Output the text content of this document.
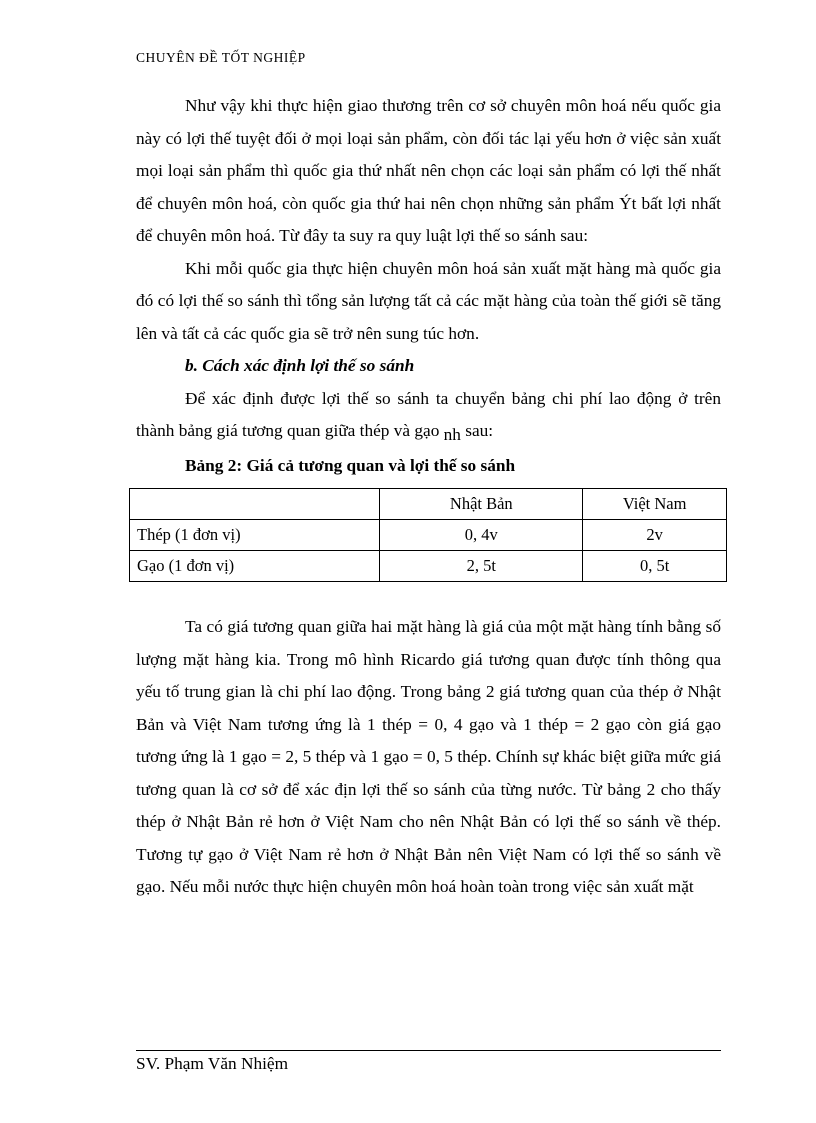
CHUYÊN ĐỀ TỐT NGHIỆP

Như vậy khi thực hiện giao thương trên cơ sở chuyên môn hoá nếu quốc gia này có lợi thế tuyệt đối ở mọi loại sản phẩm, còn đối tác lại yếu hơn ở việc sản xuất mọi loại sản phẩm thì quốc gia thứ nhất nên chọn các loại sản phẩm có lợi thế nhất để chuyên môn hoá, còn quốc gia thứ hai nên chọn những sản phẩm Ýt bất lợi nhất để chuyên môn hoá. Từ đây ta suy ra quy luật lợi thế so sánh sau:

Khi mỗi quốc gia thực hiện chuyên môn hoá sản xuất mặt hàng mà quốc gia đó có lợi thế so sánh thì tổng sản lượng tất cả các mặt hàng của toàn thế giới sẽ tăng lên và tất cả các quốc gia sẽ trở nên sung túc hơn.

b. Cách xác định lợi thế so sánh

Để xác định được lợi thế so sánh ta chuyển bảng chi phí lao động ở trên thành bảng giá tương quan giữa thép và gạo nh sau:

Bảng 2: Giá cả tương quan và lợi thế so sánh
	Nhật Bản	Việt Nam
Thép (1 đơn vị)	0, 4v	2v
Gạo (1 đơn vị)	2, 5t	0, 5t

Ta có giá tương quan giữa hai mặt hàng là giá của một mặt hàng tính bằng số lượng mặt hàng kia. Trong mô hình Ricardo giá tương quan được tính thông qua yếu tố trung gian là chi phí lao động. Trong bảng 2 giá tương quan của thép ở Nhật Bản và Việt Nam tương ứng là 1 thép = 0, 4 gạo và 1 thép = 2 gạo còn giá gạo tương ứng là 1 gạo = 2, 5 thép và 1 gạo = 0, 5 thép. Chính sự khác biệt giữa mức giá tương quan là cơ sở để xác địn lợi thế so sánh của từng nước. Từ bảng 2 cho thấy thép ở Nhật Bản rẻ hơn ở Việt Nam cho nên Nhật Bản có lợi thế so sánh về thép. Tương tự gạo ở Việt Nam rẻ hơn ở Nhật Bản nên Việt Nam có lợi thế so sánh về gạo. Nếu mỗi nước thực hiện chuyên môn hoá hoàn toàn trong việc sản xuất mặt

SV. Phạm Văn Nhiệm
